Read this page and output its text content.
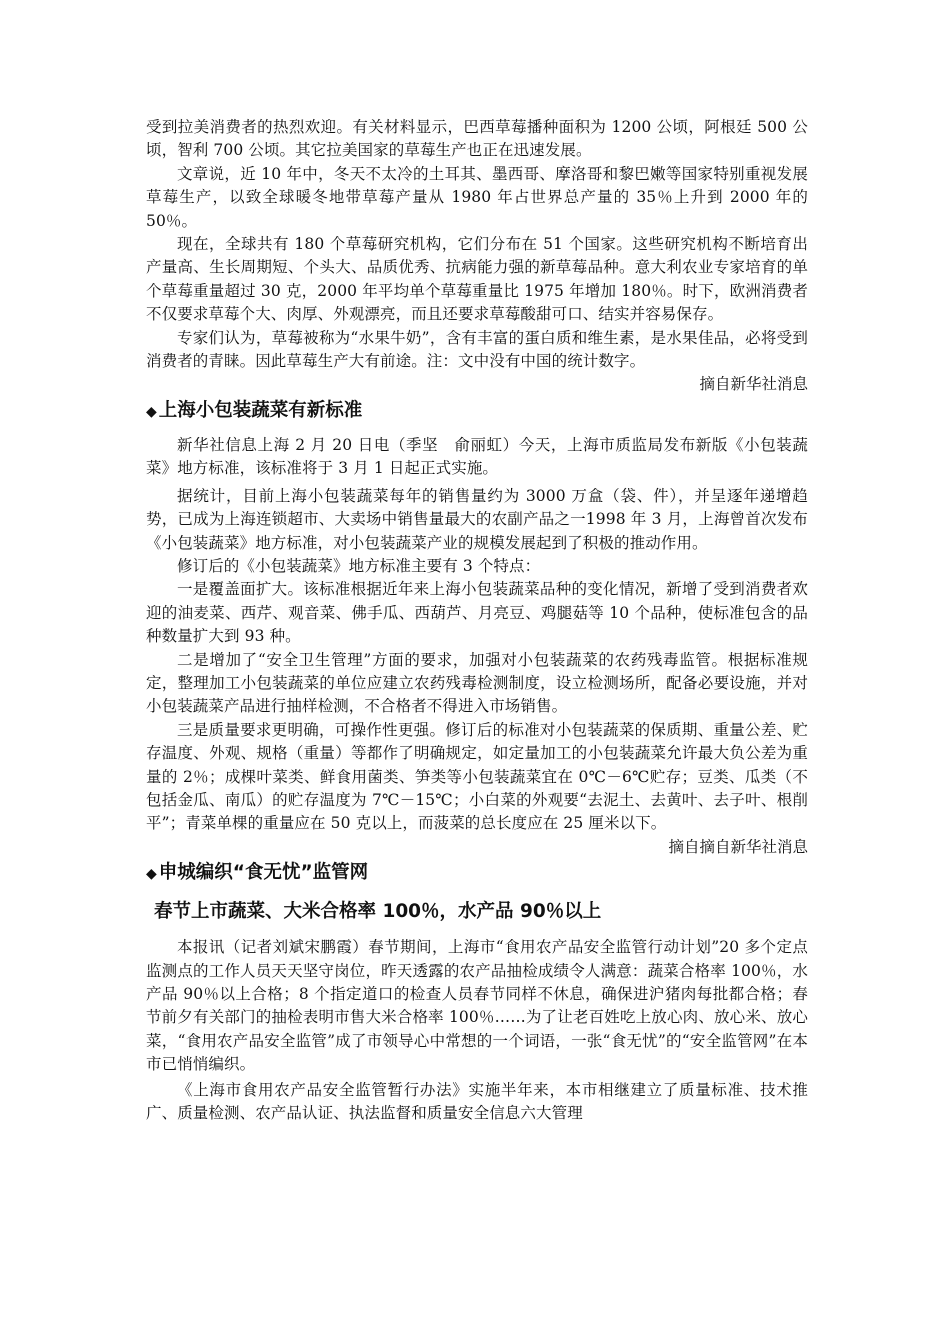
受到拉美消费者的热烈欢迎。有关材料显示，巴西草莓播种面积为 1200 公顷，阿根廷 500 公顷，智利 700 公顷。其它拉美国家的草莓生产也正在迅速发展。

文章说，近 10 年中，冬天不太冷的土耳其、墨西哥、摩洛哥和黎巴嫩等国家特别重视发展草莓生产，以致全球暖冬地带草莓产量从 1980 年占世界总产量的 35％上升到 2000 年的 50％。

现在，全球共有 180 个草莓研究机构，它们分布在 51 个国家。这些研究机构不断培育出产量高、生长周期短、个头大、品质优秀、抗病能力强的新草莓品种。意大利农业专家培育的单个草莓重量超过 30 克，2000 年平均单个草莓重量比 1975 年增加 180％。时下，欧洲消费者不仅要求草莓个大、肉厚、外观漂亮，而且还要求草莓酸甜可口、结实并容易保存。

专家们认为，草莓被称为“水果牛奶”，含有丰富的蛋白质和维生素，是水果佳品，必将受到消费者的青睐。因此草莓生产大有前途。注：文中没有中国的统计数字。

摘自新华社消息

◆ 上海小包装蔬菜有新标准

新华社信息上海 2 月 20 日电（季坚　俞丽虹）今天，上海市质监局发布新版《小包装蔬菜》地方标准，该标准将于 3 月 1 日起正式实施。

据统计，目前上海小包装蔬菜每年的销售量约为 3000 万盒（袋、件），并呈逐年递增趋势，已成为上海连锁超市、大卖场中销售量最大的农副产品之一1998 年 3 月，上海曾首次发布《小包装蔬菜》地方标准，对小包装蔬菜产业的规模发展起到了积极的推动作用。

修订后的《小包装蔬菜》地方标准主要有 3 个特点：

一是覆盖面扩大。该标准根据近年来上海小包装蔬菜品种的变化情况，新增了受到消费者欢迎的油麦菜、西芹、观音菜、佛手瓜、西葫芦、月亮豆、鸡腿菇等 10 个品种，使标准包含的品种数量扩大到 93 种。

二是增加了“安全卫生管理”方面的要求，加强对小包装蔬菜的农药残毒监管。根据标准规定，整理加工小包装蔬菜的单位应建立农药残毒检测制度，设立检测场所，配备必要设施，并对小包装蔬菜产品进行抽样检测，不合格者不得进入市场销售。

三是质量要求更明确，可操作性更强。修订后的标准对小包装蔬菜的保质期、重量公差、贮存温度、外观、规格（重量）等都作了明确规定，如定量加工的小包装蔬菜允许最大负公差为重量的 2％；成棵叶菜类、鲜食用菌类、笋类等小包装蔬菜宜在 0℃－6℃贮存；豆类、瓜类（不包括金瓜、南瓜）的贮存温度为 7℃－15℃；小白菜的外观要“去泥土、去黄叶、去子叶、根削平”；青菜单棵的重量应在 50 克以上，而菠菜的总长度应在 25 厘米以下。

摘自摘自新华社消息

◆ 申城编织“食无忧”监管网
春节上市蔬菜、大米合格率 100％，水产品 90％以上

本报讯（记者刘斌宋鹏霞）春节期间，上海市“食用农产品安全监管行动计划”20 多个定点监测点的工作人员天天坚守岗位，昨天透露的农产品抽检成绩令人满意：蔬菜合格率 100％，水产品 90％以上合格；8 个指定道口的检查人员春节同样不休息，确保进沪猪肉每批都合格；春节前夕有关部门的抽检表明市售大米合格率 100％……为了让老百姓吃上放心肉、放心米、放心菜，“食用农产品安全监管”成了市领导心中常想的一个词语，一张“食无忧”的“安全监管网”在本市已悄悄编织。

《上海市食用农产品安全监管暂行办法》实施半年来，本市相继建立了质量标准、技术推广、质量检测、农产品认证、执法监督和质量安全信息六大管理
